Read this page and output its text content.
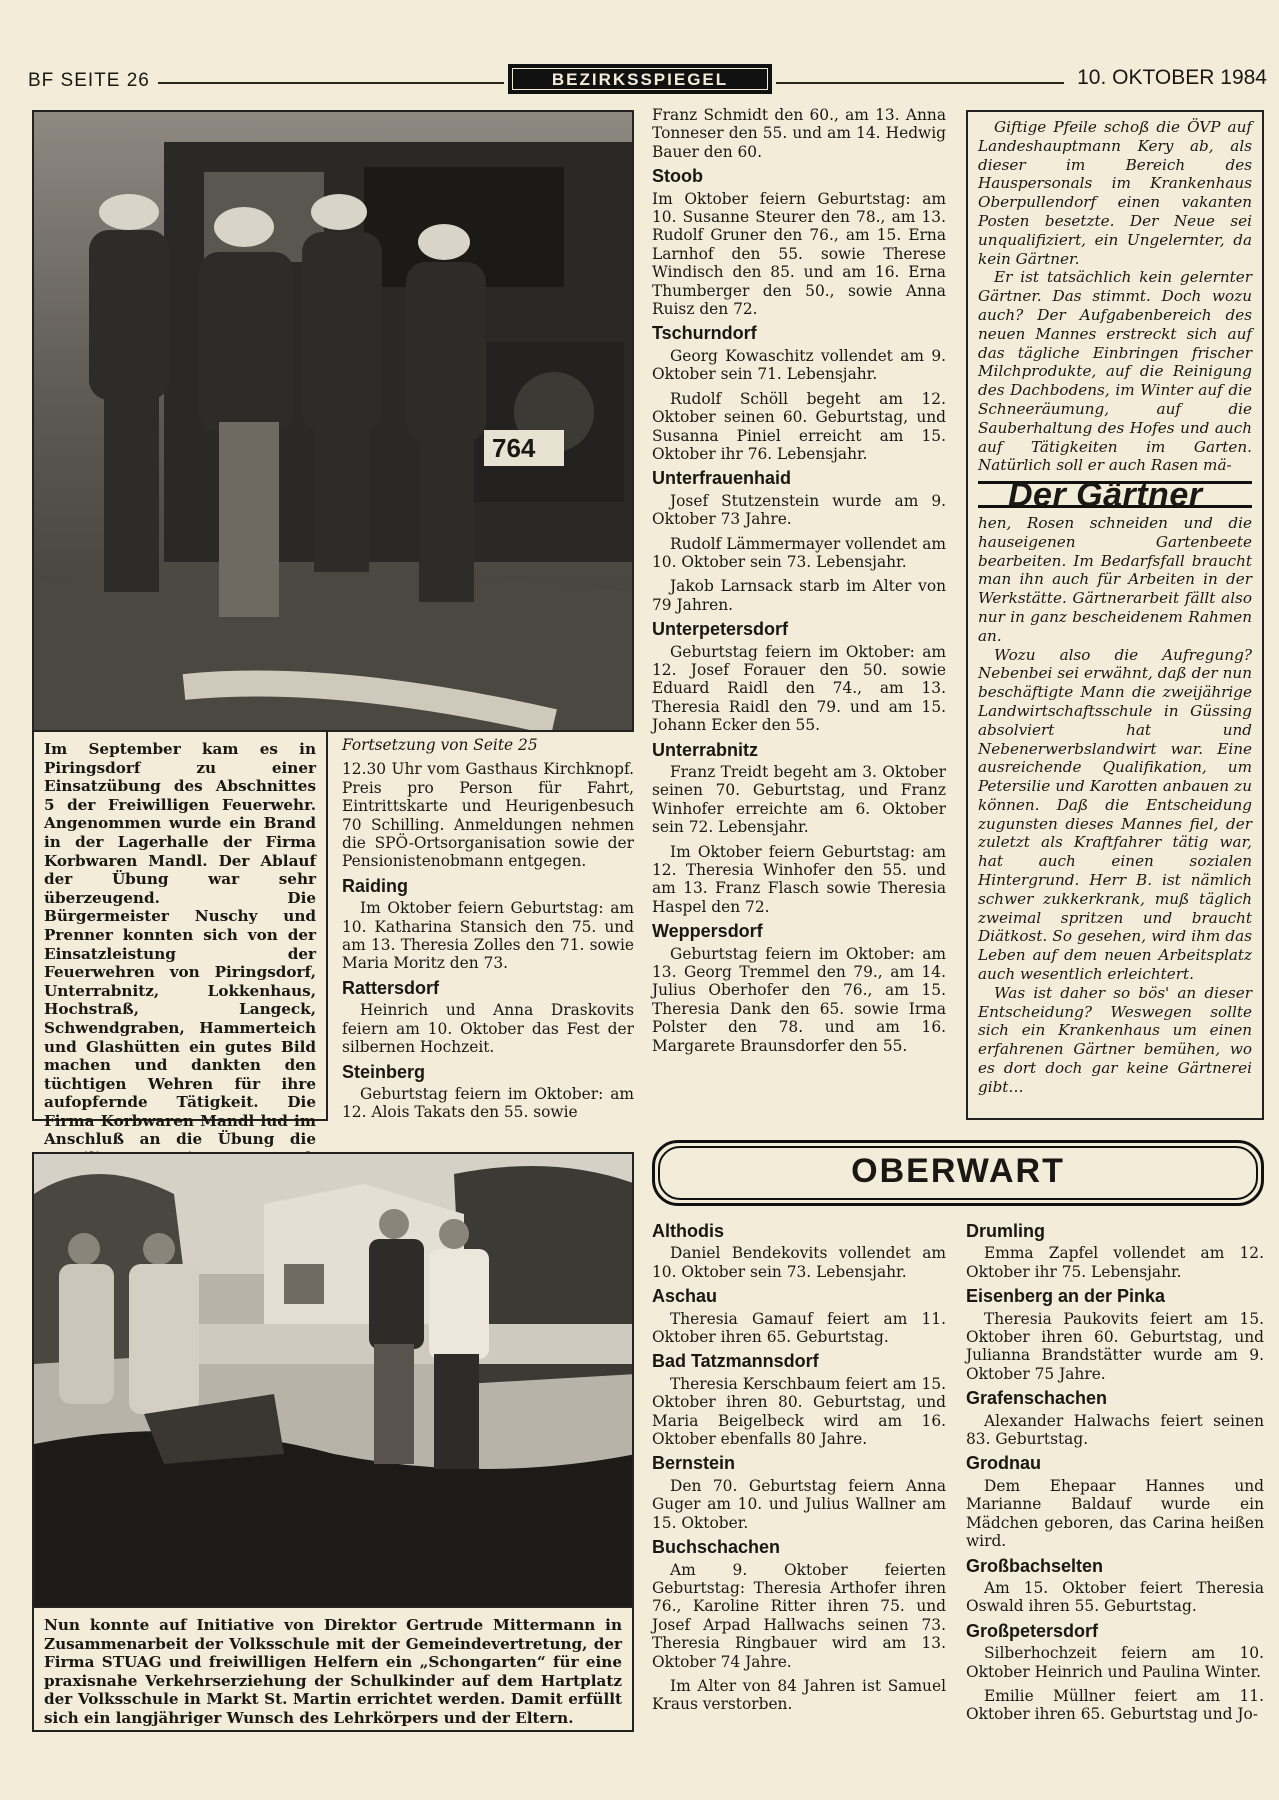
BF SEITE 26	BEZIRKSSPIEGEL	10. OKTOBER 1984
764
Im September kam es in Piringsdorf zu einer Einsatzübung des Abschnittes 5 der Freiwilligen Feuerwehr. Angenommen wurde ein Brand in der Lagerhalle der Firma Korbwaren Mandl. Der Ablauf der Übung war sehr überzeugend. Die Bürgermeister Nuschy und Prenner konnten sich von der Einsatzleistung der Feuerwehren von Piringsdorf, Unterrabnitz, Lokkenhaus, Hochstraß, Langeck, Schwendgraben, Hammerteich und Glashütten ein gutes Bild machen und dankten den tüchtigen Wehren für ihre aufopfernde Tätigkeit. Die Firma Korbwaren Mandl lud im Anschluß an die Übung die

Fortsetzung von Seite 25

12.30 Uhr vom Gasthaus Kirchknopf. Preis pro Person für Fahrt, Eintrittskarte und Heurigenbesuch 70 Schilling. Anmeldungen nehmen die SPÖ-Ortsorganisation sowie der Pensionistenobmann entgegen.

Raiding

Im Oktober feiern Geburtstag: am 10. Katharina Stansich den 75. und am 13. Theresia Zolles den 71. sowie Maria Moritz den 73.

Rattersdorf

Heinrich und Anna Draskovits feiern am 10. Oktober das Fest der silbernen Hochzeit.

Steinberg

Geburtstag feiern im Oktober: am 12. Alois Takats den 55. sowie

Franz Schmidt den 60., am 13. Anna Tonneser den 55. und am 14. Hedwig Bauer den 60.

Stoob

Im Oktober feiern Geburtstag: am 10. Susanne Steurer den 78., am 13. Rudolf Gruner den 76., am 15. Erna Larnhof den 55. sowie Therese Windisch den 85. und am 16. Erna Thumberger den 50., sowie Anna Ruisz den 72.

Tschurndorf

Georg Kowaschitz vollendet am 9. Oktober sein 71. Lebensjahr.

Rudolf Schöll begeht am 12. Oktober seinen 60. Geburtstag, und Susanna Piniel erreicht am 15. Oktober ihr 76. Lebensjahr.

Unterfrauenhaid

Josef Stutzenstein wurde am 9. Oktober 73 Jahre.

Rudolf Lämmermayer vollendet am 10. Oktober sein 73. Lebensjahr.

Jakob Larnsack starb im Alter von 79 Jahren.

Unterpetersdorf

Geburtstag feiern im Oktober: am 12. Josef Forauer den 50. sowie Eduard Raidl den 74., am 13. Theresia Raidl den 79. und am 15. Johann Ecker den 55.

Unterrabnitz

Franz Treidt begeht am 3. Oktober seinen 70. Geburtstag, und Franz Winhofer erreichte am 6. Oktober sein 72. Lebensjahr.

Im Oktober feiern Geburtstag: am 12. Theresia Winhofer den 55. und am 13. Franz Flasch sowie Theresia Haspel den 72.

Weppersdorf

Geburtstag feiern im Oktober: am 13. Georg Tremmel den 79., am 14. Julius Oberhofer den 76., am 15. Theresia Dank den 65. sowie Irma Polster den 78. und am 16. Margarete Braunsdorfer den 55.

Giftige Pfeile schoß die ÖVP auf Landeshauptmann Kery ab, als dieser im Bereich des Hauspersonals im Krankenhaus Oberpullendorf einen vakanten Posten besetzte. Der Neue sei unqualifiziert, ein Ungelernter, da kein Gärtner.

Er ist tatsächlich kein gelernter Gärtner. Das stimmt. Doch wozu auch? Der Aufgabenbereich des neuen Mannes erstreckt sich auf das tägliche Einbringen frischer Milchprodukte, auf die Reinigung des Dachbodens, im Winter auf die Schneeräumung, auf die Sauberhaltung des Hofes und auch auf Tätigkeiten im Garten. Natürlich soll er auch Rasen mä-

Der Gärtner

hen, Rosen schneiden und die hauseigenen Gartenbeete bearbeiten. Im Bedarfsfall braucht man ihn auch für Arbeiten in der Werkstätte. Gärtnerarbeit fällt also nur in ganz bescheidenem Rahmen an.

Wozu also die Aufregung? Nebenbei sei erwähnt, daß der nun beschäftigte Mann die zweijährige Landwirtschaftsschule in Güssing absolviert hat und Nebenerwerbslandwirt war. Eine ausreichende Qualifikation, um Petersilie und Karotten anbauen zu können. Daß die Entscheidung zugunsten dieses Mannes fiel, der zuletzt als Kraftfahrer tätig war, hat auch einen sozialen Hintergrund. Herr B. ist nämlich schwer zukkerkrank, muß täglich zweimal spritzen und braucht Diätkost. So gesehen, wird ihm das Leben auf dem neuen Arbeitsplatz auch wesentlich erleichtert.

Was ist daher so bös' an dieser Entscheidung? Weswegen sollte sich ein Krankenhaus um einen erfahrenen Gärtner bemühen, wo es dort doch gar keine Gärtnerei gibt…

Nun konnte auf Initiative von Direktor Gertrude Mittermann in Zusammenarbeit der Volksschule mit der Gemeindevertretung, der Firma STUAG und freiwilligen Helfern ein „Schongarten“ für eine praxisnahe Verkehrserziehung der Schulkinder auf dem Hartplatz der Volksschule in Markt St. Martin errichtet werden. Damit erfüllt sich ein langjähriger Wunsch des Lehrkörpers und der Eltern.
OBERWART
Althodis

Daniel Bendekovits vollendet am 10. Oktober sein 73. Lebensjahr.

Aschau

Theresia Gamauf feiert am 11. Oktober ihren 65. Geburtstag.

Bad Tatzmannsdorf

Theresia Kerschbaum feiert am 15. Oktober ihren 80. Geburtstag, und Maria Beigelbeck wird am 16. Oktober ebenfalls 80 Jahre.

Bernstein

Den 70. Geburtstag feiern Anna Guger am 10. und Julius Wallner am 15. Oktober.

Buchschachen

Am 9. Oktober feierten Geburtstag: Theresia Arthofer ihren 76., Karoline Ritter ihren 75. und Josef Arpad Hallwachs seinen 73. Theresia Ringbauer wird am 13. Oktober 74 Jahre.

Im Alter von 84 Jahren ist Samuel Kraus verstorben.

Drumling

Emma Zapfel vollendet am 12. Oktober ihr 75. Lebensjahr.

Eisenberg an der Pinka

Theresia Paukovits feiert am 15. Oktober ihren 60. Geburtstag, und Julianna Brandstätter wurde am 9. Oktober 75 Jahre.

Grafenschachen

Alexander Halwachs feiert seinen 83. Geburtstag.

Grodnau

Dem Ehepaar Hannes und Marianne Baldauf wurde ein Mädchen geboren, das Carina heißen wird.

Großbachselten

Am 15. Oktober feiert Theresia Oswald ihren 55. Geburtstag.

Großpetersdorf

Silberhochzeit feiern am 10. Oktober Heinrich und Paulina Winter.

Emilie Müllner feiert am 11. Oktober ihren 65. Geburtstag und Jo-
